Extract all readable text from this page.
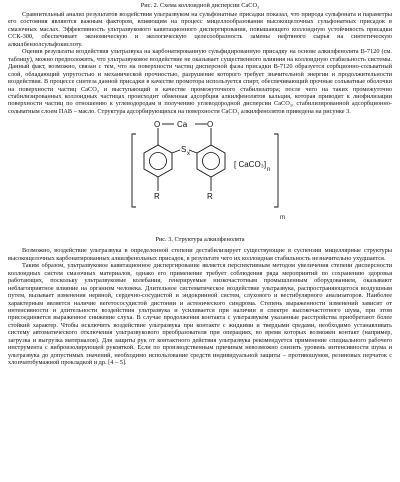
Рис. 2. Схема коллоидной дисперсии CaCO₃

Сравнительный анализ результатов воздействия ультразвуком на сульфонатные присадки показал, что природа сульфоната и параметры его состояния являются важным фактором, влияющим на процесс мицеллообразования высокощелочных сульфонатных присадок в смазочных маслах. Эффективность ультразвукового кавитационного диспергирования, повышающего коллоидную устойчивость присадки ССК-300, обеспечивает экономическую и экологическую целесообразность замены нефтяного сырья на синтетическую алкилбензолсульфокислоту.

Оценив результаты воздействия ультразвука на карбонатированную сульфидированную присадку на основе алкилфенолята В-7120 (см. таблицу), можно предположить, что ультразвуковое воздействие не оказывает существенного влияния на коллоидную стабильность системы. Данный факт, возможно, связан с тем, что на поверхности частиц дисперсной фазы присадки В-7120 образуется сорбционно-сольватный слой, обладающий упругостью и механической прочностью, разрушение которого требует значительной энергии и продолжительности воздействия. В процессе синтеза данной присадки в качестве промотора используется спирт, обеспечивающий прочные сольватные оболочки на поверхности частиц CaCO₃ и выступающий в качестве промежуточного стабилизатора; после чего на таких промежуточно стабилизированных коллоидных частицах происходит обменная адсорбция алкилфенолятов кальция, которая приводит к лиофилизации поверхности частиц по отношению к углеводородам и получению углеводородной дисперсии CaCO₃, стабилизированной адсорбционно-сольватным слоем ПАВ – масло. Структура адсорбирующихся на поверхности CaCO₃ алкилфенолятов приведена на рисунке 3.

O Ca O
S x
R	R
[ CaCO₃]
n
m
Рис. 3. Структура алкилфенолята

Возможно, воздействие ультразвука в определенной степени дестабилизирует существующие в суспензии мицеллярные структуры высокощелочных карбонатированных алкилфенольных присадок, в результате чего их коллоидная стабильность незначительно ухудшается.

Таким образом, ультразвуковое кавитационное диспергирование является перспективным методом увеличения степени дисперсности коллоидных систем смазочных материалов, однако его применение требует соблюдения ряда мероприятий по сохранению здоровья работающих, поскольку ультразвуковые колебания, генерируемые низкочастотным промышленным оборудованием, оказывают неблагоприятное влияние на организм человека. Длительное систематическое воздействие ультразвука, распространяющегося воздушным путем, вызывает изменения нервной, сердечно-сосудистой и эндокринной систем, слухового и вестибулярного анализаторов. Наиболее характерным является наличие вегетососудистой дистонии и астенического синдрома. Степень выраженности изменений зависит от интенсивности и длительности воздействия ультразвука и усиливается при наличии в спектре высокочастотного шума, при этом присоединяется выраженное снижение слуха. В случае продолжения контакта с ультразвуком указанные расстройства приобретают более стойкий характер. Чтобы исключить воздействие ультразвука при контакте с жидкими и твердыми средами, необходимо устанавливать систему автоматического отключения ультразвукового преобразователя при операциях, во время которых возможен контакт (например, загрузка и выгрузка материалов). Для защиты рук от контактного действия ультразвука рекомендуется применение специального рабочего инструмента с виброизолирующей рукояткой. Если по производственным причинам невозможно снизить уровень интенсивности шума и ультразвука до допустимых значений, необходимо использование средств индивидуальной защиты – противошумов, резиновых перчаток с хлопчатобумажной прокладкой и др. [4 – 5].
